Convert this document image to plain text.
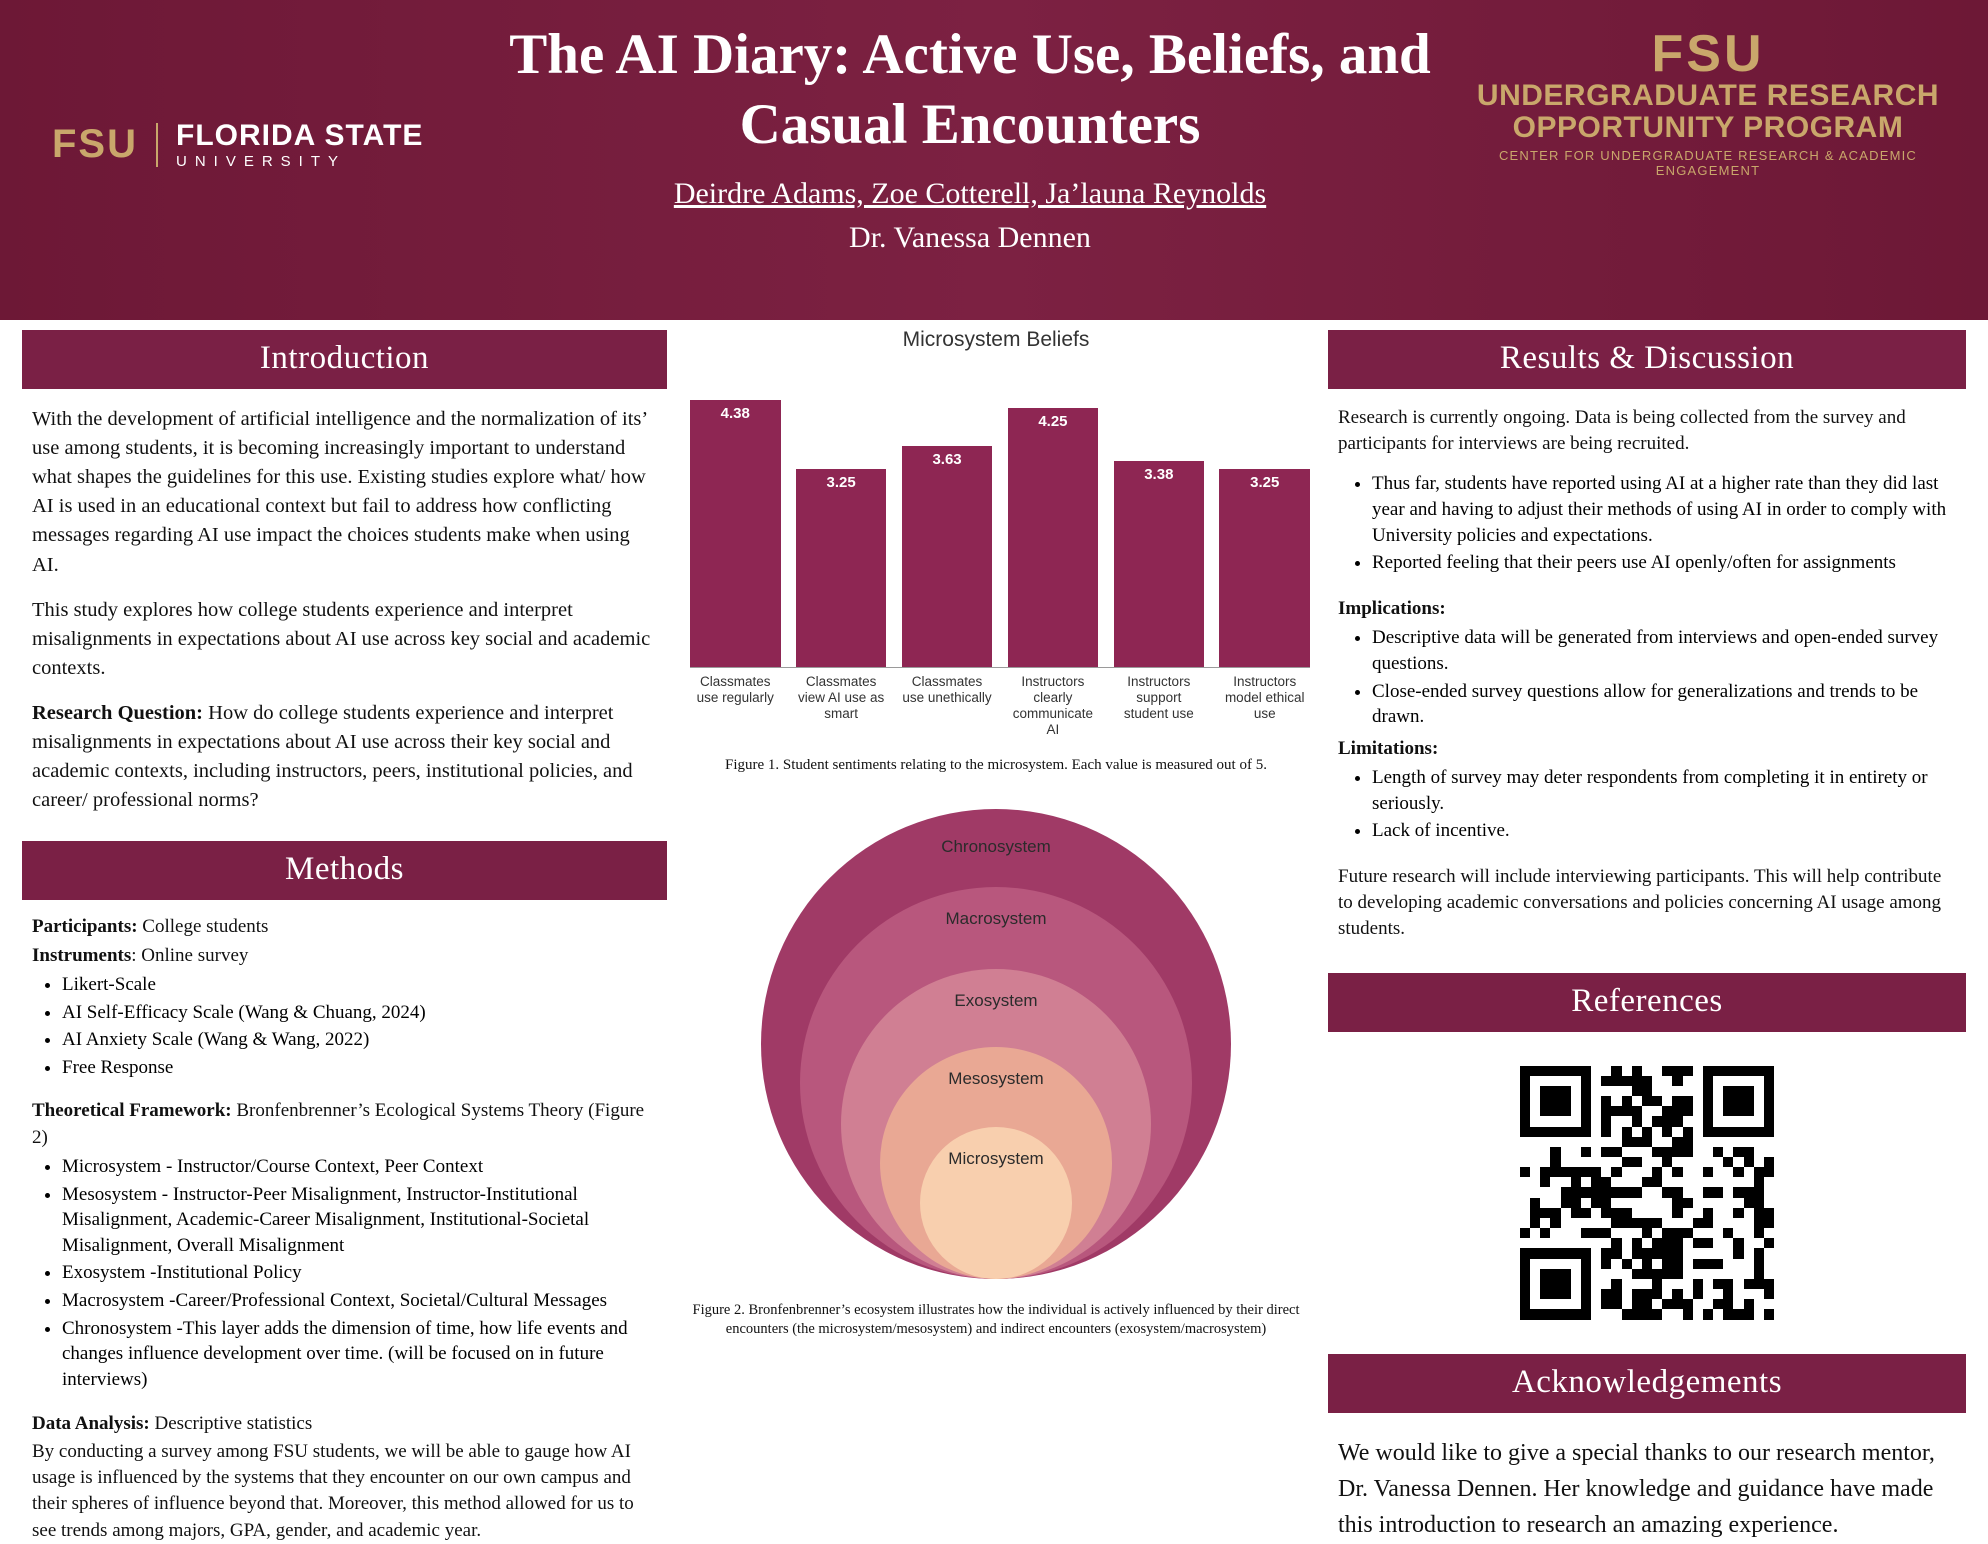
FSU FLORIDA STATE
UNIVERSITY
The AI Diary: Active Use, Beliefs, and Casual Encounters
Deirdre Adams, Zoe Cotterell, Ja’launa Reynolds
Dr. Vanessa Dennen
FSU
UNDERGRADUATE RESEARCH
OPPORTUNITY PROGRAM
CENTER FOR UNDERGRADUATE RESEARCH & ACADEMIC ENGAGEMENT
Introduction
With the development of artificial intelligence and the normalization of its’ use among students, it is becoming increasingly important to understand what shapes the guidelines for this use. Existing studies explore what/ how AI is used in an educational context but fail to address how conflicting messages regarding AI use impact the choices students make when using AI.
This study explores how college students experience and interpret misalignments in expectations about AI use across key social and academic contexts.
Research Question: How do college students experience and interpret misalignments in expectations about AI use across their key social and academic contexts, including instructors, peers, institutional policies, and career/ professional norms?
Methods
Participants: College students
Instruments: Online survey
• Likert-Scale
• AI Self-Efficacy Scale (Wang & Chuang, 2024)
• AI Anxiety Scale (Wang & Wang, 2022)
• Free Response
Theoretical Framework: Bronfenbrenner’s Ecological Systems Theory (Figure 2)
• Microsystem - Instructor/Course Context, Peer Context
• Mesosystem - Instructor-Peer Misalignment, Instructor-Institutional Misalignment, Academic-Career Misalignment, Institutional-Societal Misalignment, Overall Misalignment
• Exosystem -Institutional Policy
• Macrosystem -Career/Professional Context, Societal/Cultural Messages
• Chronosystem -This layer adds the dimension of time, how life events and changes influence development over time. (will be focused on in future interviews)
Data Analysis: Descriptive statistics
By conducting a survey among FSU students, we will be able to gauge how AI usage is influenced by the systems that they encounter on our own campus and their spheres of influence beyond that. Moreover, this method allowed for us to see trends among majors, GPA, gender, and academic year.
Microsystem Beliefs
4.38
3.25
3.63
4.25
3.38	3.25
Classmates use regularly
Classmates view AI use as smart
Classmates use unethically
Instructors clearly communicate AI
Instructors support student use
Instructors model ethical use
Figure 1. Student sentiments relating to the microsystem. Each value is measured out of 5.
Chronosystem
Macrosystem
Exosystem
Mesosystem
Microsystem
Figure 2. Bronfenbrenner’s ecosystem illustrates how the individual is actively influenced by their direct encounters (the microsystem/mesosystem) and indirect encounters (exosystem/macrosystem)
Results & Discussion
Research is currently ongoing. Data is being collected from the survey and participants for interviews are being recruited.
• Thus far, students have reported using AI at a higher rate than they did last year and having to adjust their methods of using AI in order to comply with University policies and expectations.
• Reported feeling that their peers use AI openly/often for assignments
Implications:
• Descriptive data will be generated from interviews and open-ended survey questions.
• Close-ended survey questions allow for generalizations and trends to be drawn.
Limitations:
• Length of survey may deter respondents from completing it in entirety or seriously.
• Lack of incentive.
Future research will include interviewing participants. This will help contribute to developing academic conversations and policies concerning AI usage among students.
References
Acknowledgements
We would like to give a special thanks to our research mentor, Dr. Vanessa Dennen. Her knowledge and guidance have made this introduction to research an amazing experience.
